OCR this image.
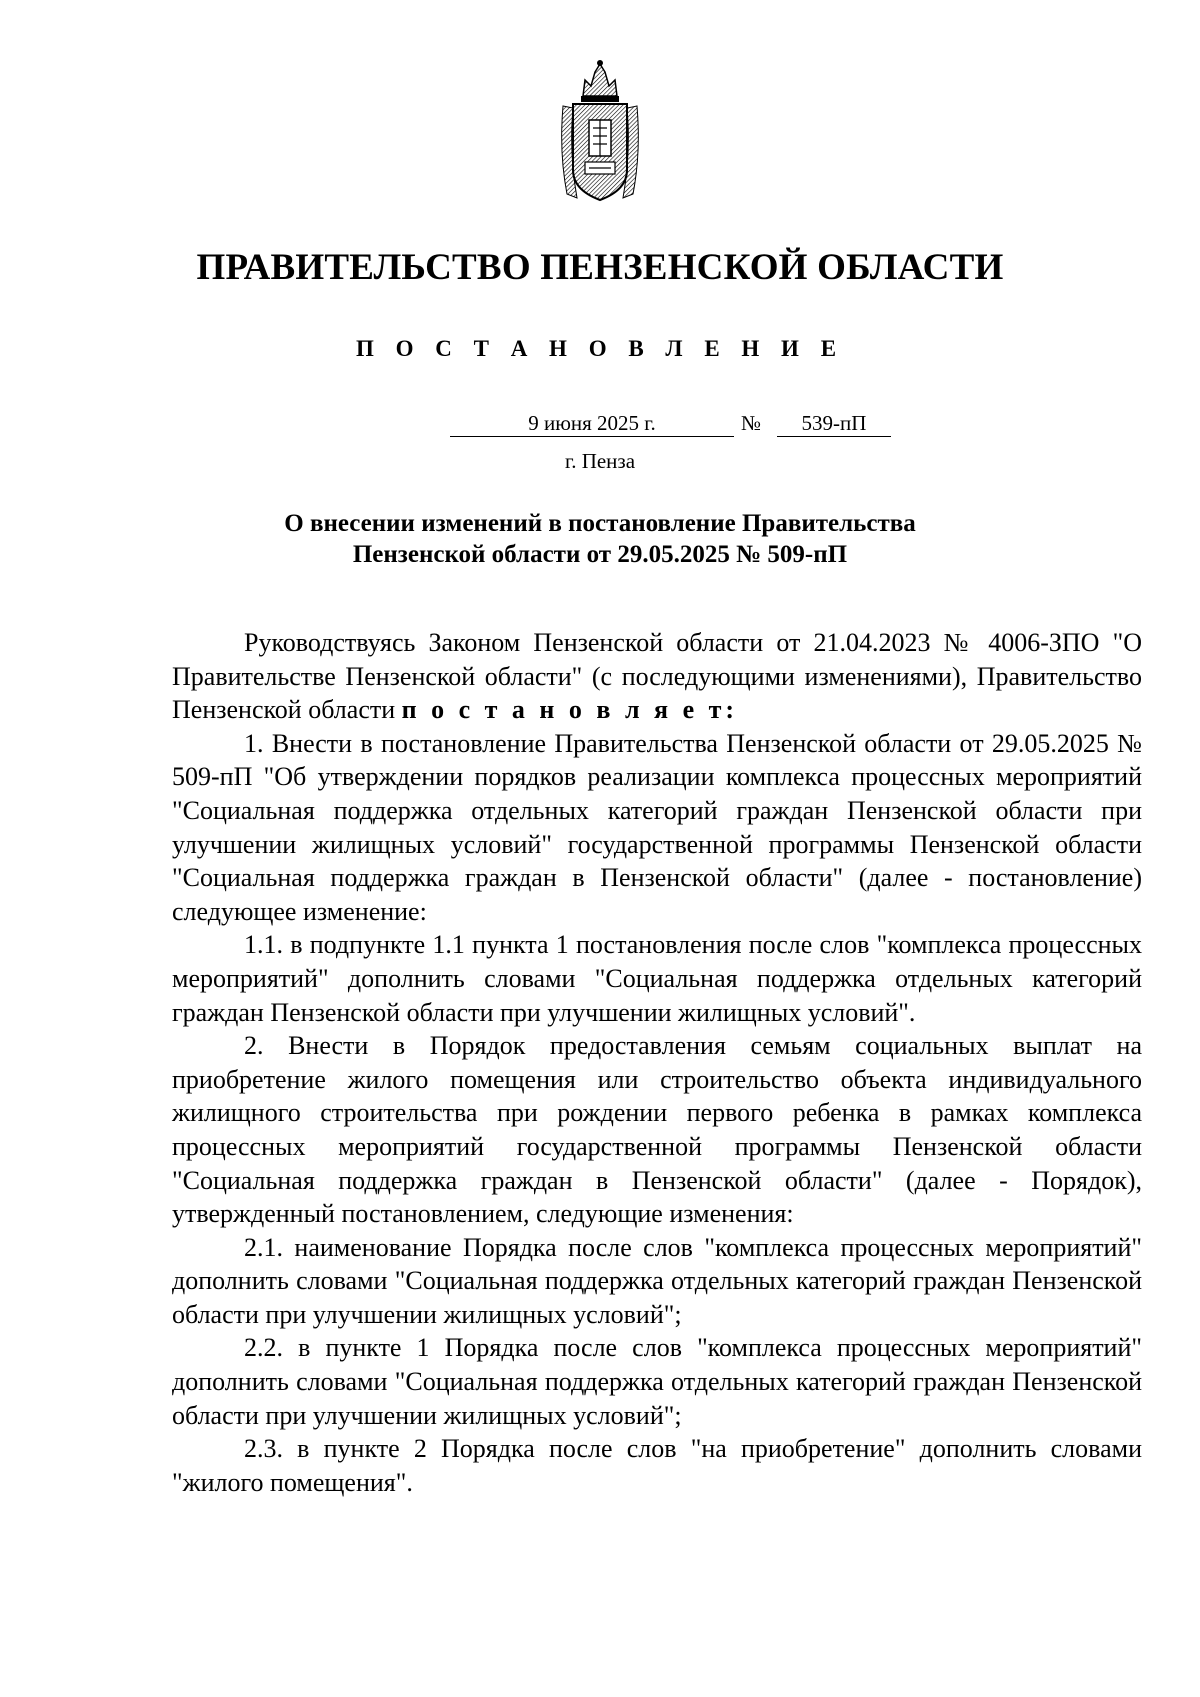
ПРАВИТЕЛЬСТВО ПЕНЗЕНСКОЙ ОБЛАСТИ
П О С Т А Н О В Л Е Н И Е
9 июня 2025 г.	№	539-пП
г. Пенза
О внесении изменений в постановление Правительства
Пензенской области от 29.05.2025 № 509-пП

Руководствуясь Законом Пензенской области от 21.04.2023 № 4006-ЗПО "О Правительстве Пензенской области" (с последующими изменениями), Правительство Пензенской области п о с т а н о в л я е т:

1. Внести в постановление Правительства Пензенской области от 29.05.2025 № 509-пП "Об утверждении порядков реализации комплекса процессных мероприятий "Социальная поддержка отдельных категорий граждан Пензенской области при улучшении жилищных условий" государственной программы Пензенской области "Социальная поддержка граждан в Пензенской области" (далее - постановление) следующее изменение:

1.1. в подпункте 1.1 пункта 1 постановления после слов "комплекса процессных мероприятий" дополнить словами "Социальная поддержка отдельных категорий граждан Пензенской области при улучшении жилищных условий".

2. Внести в Порядок предоставления семьям социальных выплат на приобретение жилого помещения или строительство объекта индивидуального жилищного строительства при рождении первого ребенка в рамках комплекса процессных мероприятий государственной программы Пензенской области "Социальная поддержка граждан в Пензенской области" (далее - Порядок), утвержденный постановлением, следующие изменения:

2.1. наименование Порядка после слов "комплекса процессных мероприятий" дополнить словами "Социальная поддержка отдельных категорий граждан Пензенской области при улучшении жилищных условий";

2.2. в пункте 1 Порядка после слов "комплекса процессных мероприятий" дополнить словами "Социальная поддержка отдельных категорий граждан Пензенской области при улучшении жилищных условий";

2.3. в пункте 2 Порядка после слов "на приобретение" дополнить словами "жилого помещения".
